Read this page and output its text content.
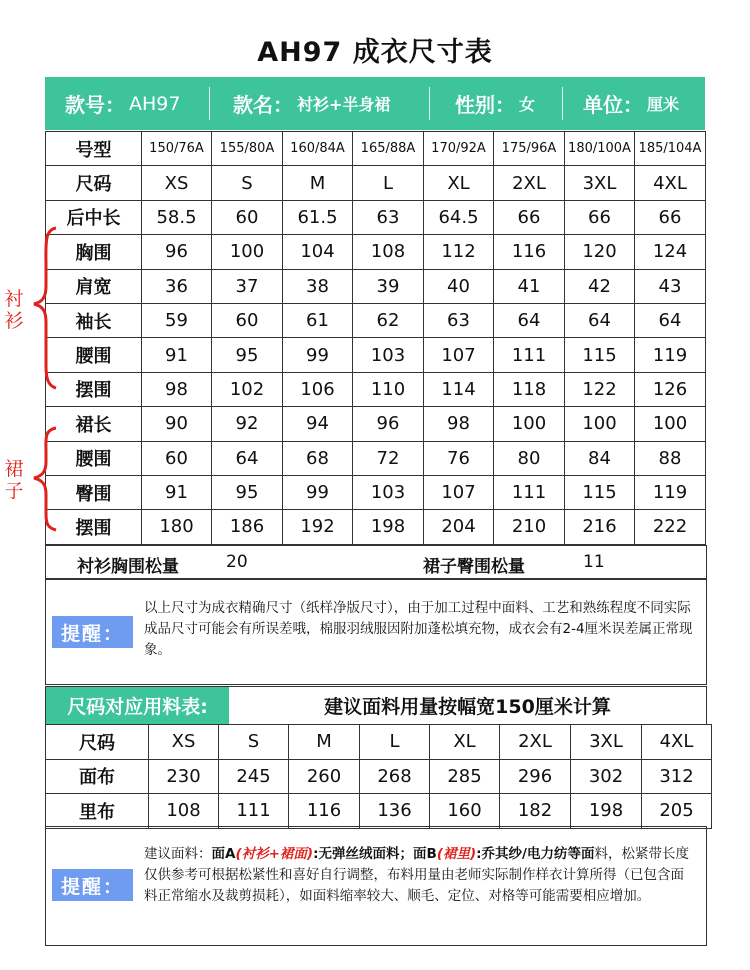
AH97 成衣尺寸表
款号： AH97	款名： 衬衫+半身裙	性别： 女 单位： 厘米
号型	150/76A	155/80A	160/84A	165/88A	170/92A	175/96A	180/100A	185/104A
尺码	XS	S	M	L	XL	2XL	3XL	4XL
后中长	58.5	60	61.5	63	64.5	66	66	66
胸围	96	100	104	108	112	116	120	124
肩宽	36	37	38	39	40	41	42	43
袖长	59	60	61	62	63	64	64	64
腰围	91	95	99	103	107	111	115	119
摆围	98	102	106	110	114	118	122	126
裙长	90	92	94	96	98	100	100	100
腰围	60	64	68	72	76	80	84	88
臀围	91	95	99	103	107	111	115	119
摆围	180	186	192	198	204	210	216	222
衬衫
裙子
衬衫胸围松量	20	裙子臀围松量	11
提醒：
以上尺寸为成衣精确尺寸（纸样净版尺寸），由于加工过程中面料、工艺和熟练程度不同实际成品尺寸可能会有所误差哦，棉服羽绒服因附加蓬松填充物，成衣会有2-4厘米误差属正常现象。
尺码对应用料表:	建议面料用量按幅宽150厘米计算
尺码	XS	S	M	L	XL	2XL	3XL	4XL
面布	230	245	260	268	285	296	302	312
里布	108	111	116	136	160	182	198	205
提醒：
建议面料：面A(衬衫+裙面):无弹丝绒面料；面B(裙里):乔其纱/电力纺等面料，松紧带长度仅供参考可根据松紧性和喜好自行调整，布料用量由老师实际制作样衣计算所得（已包含面料正常缩水及裁剪损耗），如面料缩率较大、顺毛、定位、对格等可能需要相应增加。
